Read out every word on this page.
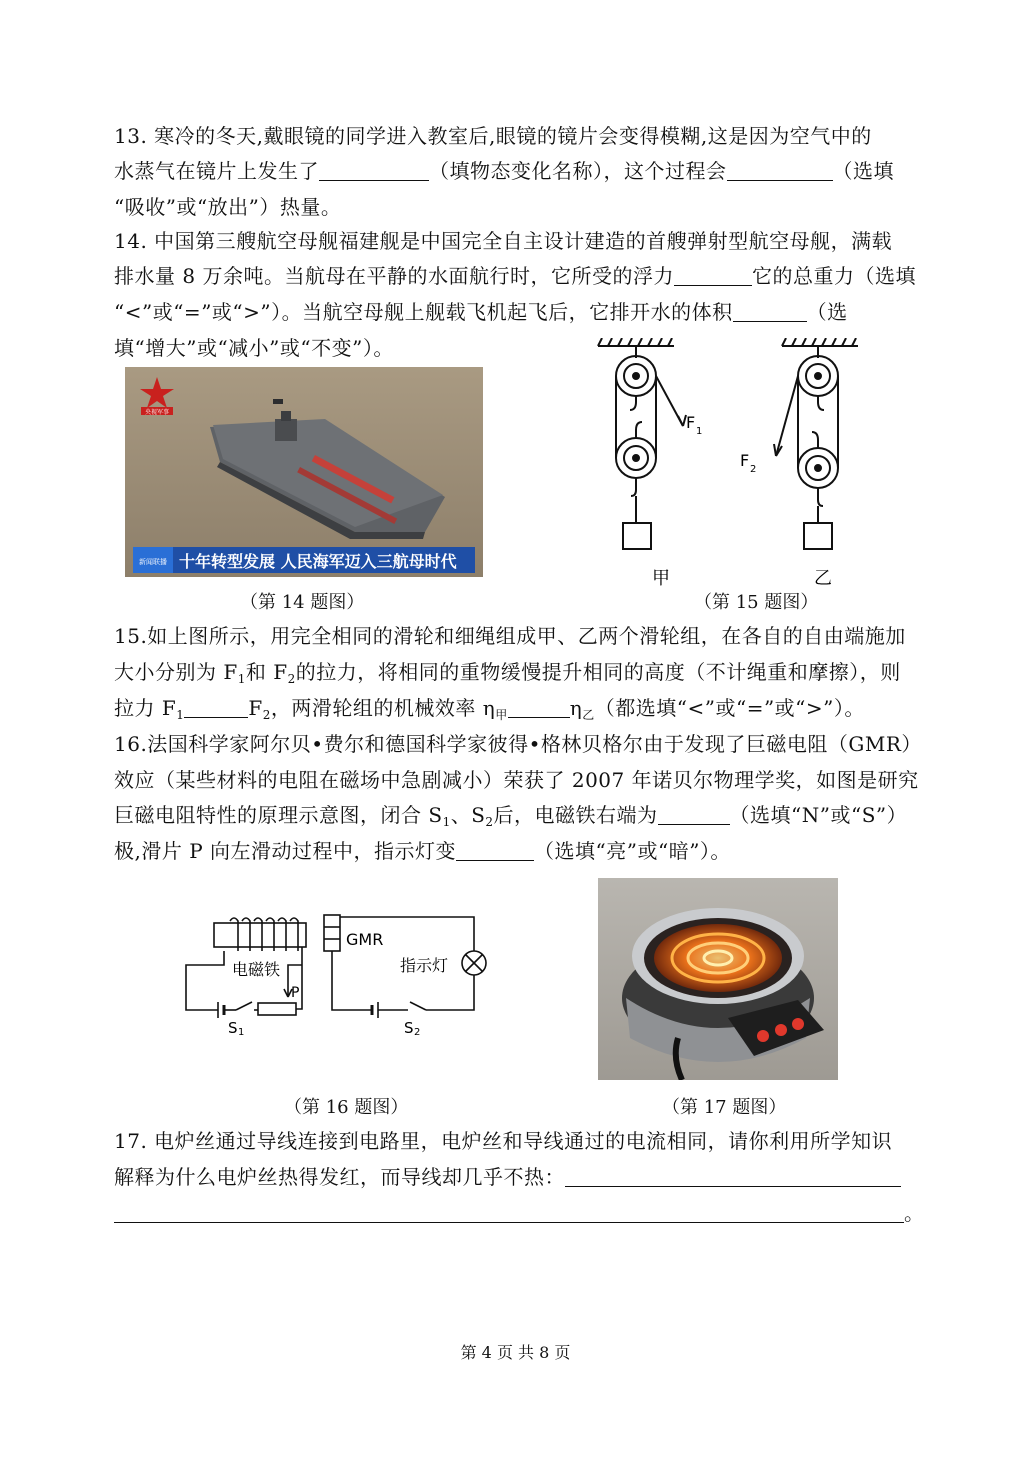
13. 寒冷的冬天,戴眼镜的同学进入教室后,眼镜的镜片会变得模糊,这是因为空气中的
水蒸气在镜片上发生了	（填物态变化名称），这个过程会	（选填
“吸收”或“放出”）热量。
14. 中国第三艘航空母舰福建舰是中国完全自主设计建造的首艘弹射型航空母舰，满载
排水量 8 万余吨。当航母在平静的水面航行时，它所受的浮力	它的总重力（选填
“<”或“=”或“>”）。当航空母舰上舰载飞机起飞后，它排开水的体积	（选
填“增大”或“减小”或“不变”）。
央视军事
新闻联播 十年转型发展 人民海军迈入三航母时代
（第 14 题图）
F 1
F 2
甲	乙
（第 15 题图）
15.如上图所示，用完全相同的滑轮和细绳组成甲、乙两个滑轮组，在各自的自由端施加
大小分别为 $F_1$和 $F_2$的拉力，将相同的重物缓慢提升相同的高度（不计绳重和摩擦），则
拉力 $F_1$	$F_2$，两滑轮组的机械效率 $\eta_甲$	$\eta_乙$（都选填“<”或“=”或“>”）。
16.法国科学家阿尔贝•费尔和德国科学家彼得•格林贝格尔由于发现了巨磁电阻（GMR）
效应（某些材料的电阻在磁场中急剧减小）荣获了 2007 年诺贝尔物理学奖，如图是研究
巨磁电阻特性的原理示意图，闭合 $S_1$、$S_2$后，电磁铁右端为	（选填“N”或“S”）
极,滑片 P 向左滑动过程中，指示灯变	（选填“亮”或“暗”）。
电磁铁
GMR
指示灯
P
S 1	S 2
（第 16 题图）	（第 17 题图）
17. 电炉丝通过导线连接到电路里，电炉丝和导线通过的电流相同，请你利用所学知识
解释为什么电炉丝热得发红，而导线却几乎不热：
。
第 4 页 共 8 页
